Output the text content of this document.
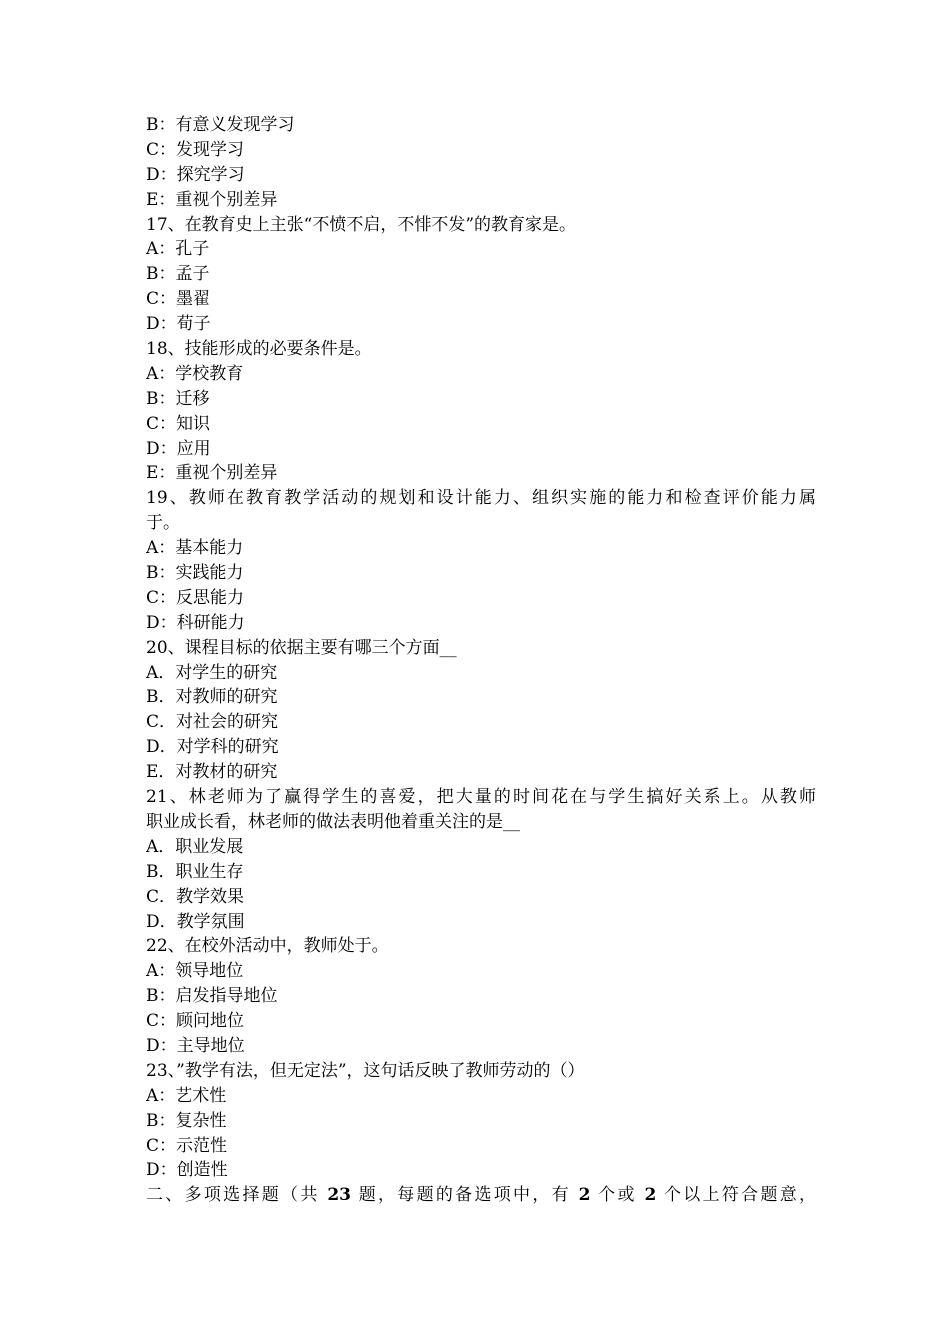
B：有意义发现学习
C：发现学习
D：探究学习
E：重视个别差异
17、在教育史上主张“不愤不启，不悱不发”的教育家是。
A：孔子
B：孟子
C：墨翟
D：荀子
18、技能形成的必要条件是。
A：学校教育
B：迁移
C：知识
D：应用
E：重视个别差异
19、教师在教育教学活动的规划和设计能力、组织实施的能力和检查评价能力属
于。
A：基本能力
B：实践能力
C：反思能力
D：科研能力
20、课程目标的依据主要有哪三个方面__
A．对学生的研究
B．对教师的研究
C．对社会的研究
D．对学科的研究
E．对教材的研究
21、林老师为了赢得学生的喜爱，把大量的时间花在与学生搞好关系上。从教师
职业成长看，林老师的做法表明他着重关注的是__
A．职业发展
B．职业生存
C．教学效果
D．教学氛围
22、在校外活动中，教师处于。
A：领导地位
B：启发指导地位
C：顾问地位
D：主导地位
23、”教学有法，但无定法”，这句话反映了教师劳动的（）
A：艺术性
B：复杂性
C：示范性
D：创造性
二、多项选择题（共 23 题，每题的备选项中，有 2 个或 2 个以上符合题意，
